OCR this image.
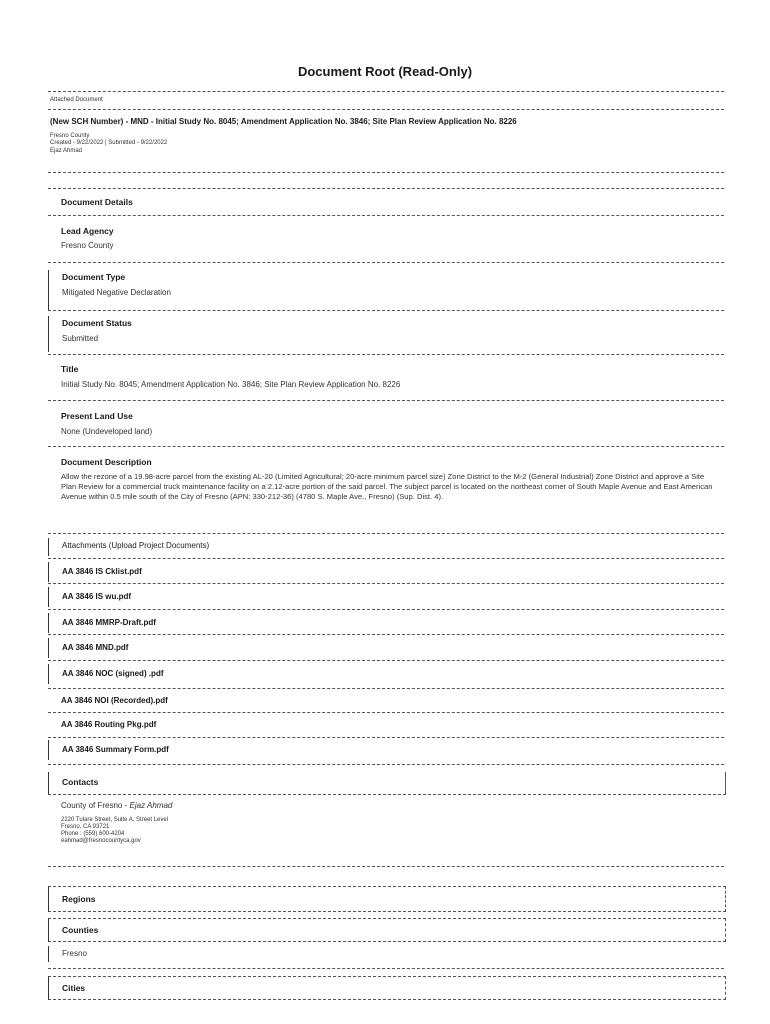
Document Root (Read-Only)
Attached Document
(New SCH Number) - MND - Initial Study No. 8045; Amendment Application No. 3846; Site Plan Review Application No. 8226
Fresno County
Created - 9/22/2022 | Submitted - 9/22/2022
Ejaz Ahmad
Document Details
Lead Agency
Fresno County
Document Type
Mitigated Negative Declaration
Document Status
Submitted
Title
Initial Study No. 8045; Amendment Application No. 3846; Site Plan Review Application No. 8226
Present Land Use
None (Undeveloped land)
Document Description
Allow the rezone of a 19.98-acre parcel from the existing AL-20 (Limited Agricultural; 20-acre minimum parcel size) Zone District to the M-2 (General Industrial) Zone District and approve a Site Plan Review for a commercial truck maintenance facility on a 2.12-acre portion of the said parcel. The subject parcel is located on the northeast corner of South Maple Avenue and East American Avenue within 0.5 mile south of the City of Fresno (APN: 330-212-36) (4780 S. Maple Ave., Fresno) (Sup. Dist. 4).
Attachments (Upload Project Documents)
AA 3846 IS Cklist.pdf
AA 3846 IS wu.pdf
AA 3846 MMRP-Draft.pdf
AA 3846 MND.pdf
AA 3846 NOC (signed) .pdf
AA 3846 NOI (Recorded).pdf
AA 3846 Routing Pkg.pdf
AA 3846 Summary Form.pdf
Contacts
County of Fresno - Ejaz Ahmad
2220 Tulare Street, Suite A, Street Level
Fresno, CA 93721
Phone : (559) 600-4204
eahmad@fresnocountyca.gov
Regions
Counties
Fresno
Cities
